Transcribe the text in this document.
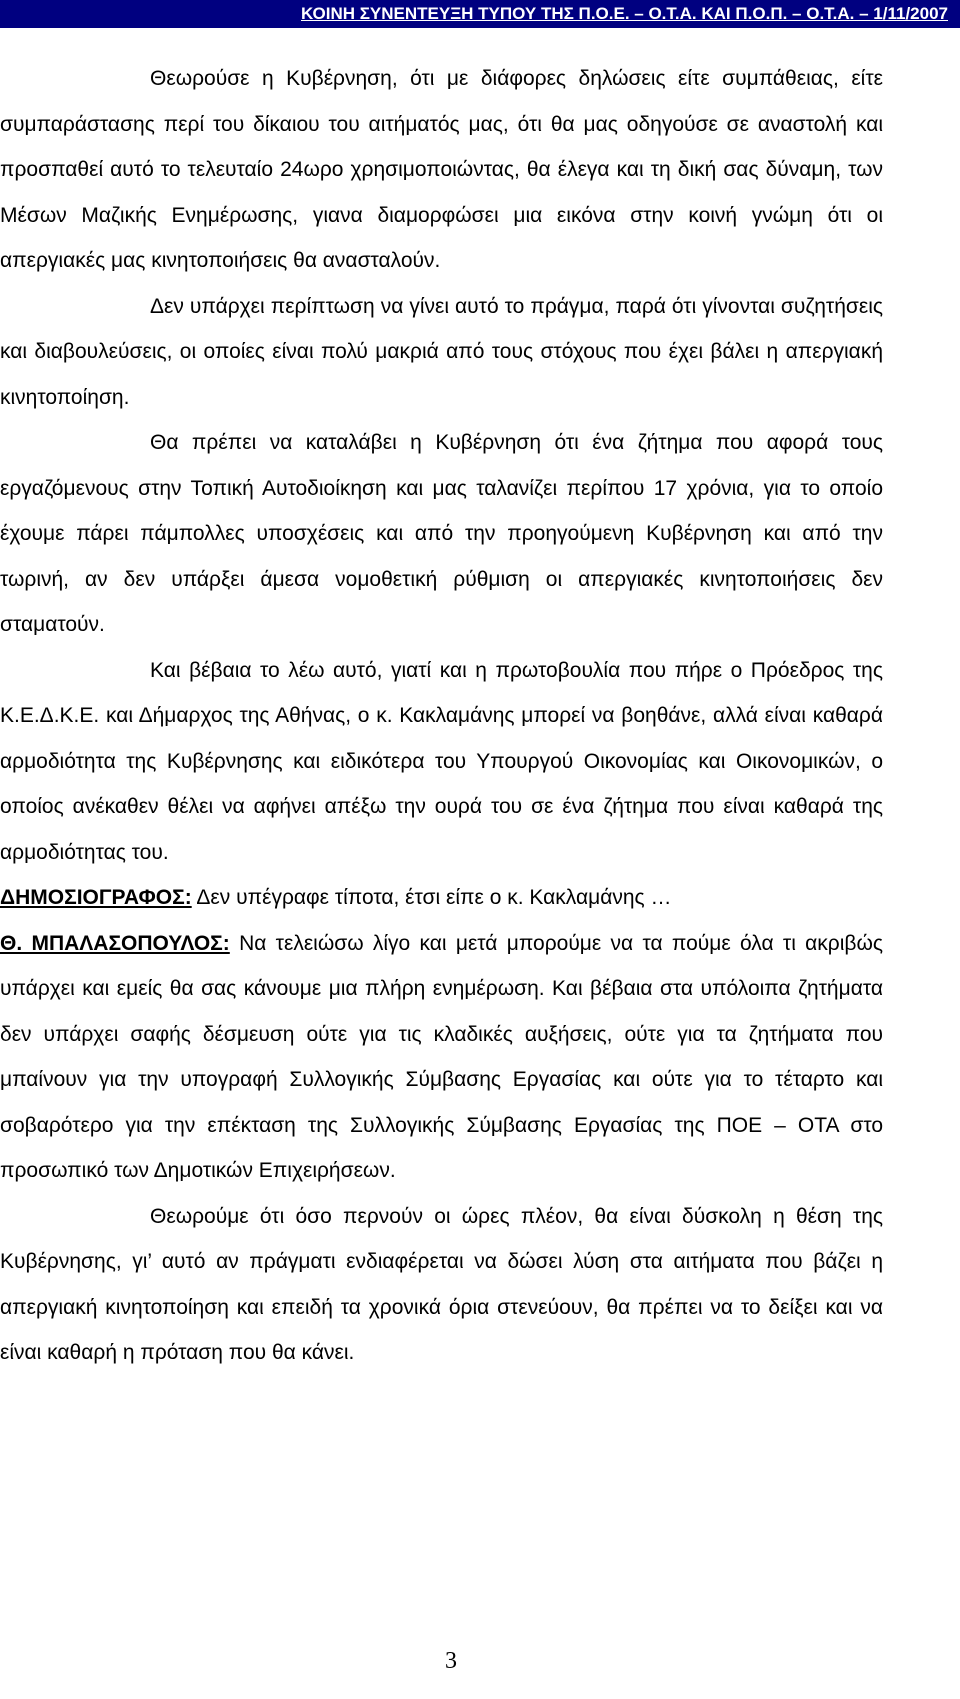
ΚΟΙΝΗ ΣΥΝΕΝΤΕΥΞΗ ΤΥΠΟΥ ΤΗΣ Π.Ο.Ε. – Ο.Τ.Α. ΚΑΙ Π.Ο.Π. – Ο.Τ.Α. – 1/11/2007

Θεωρούσε η Κυβέρνηση, ότι με διάφορες δηλώσεις είτε συμπάθειας, είτε συμπαράστασης περί του δίκαιου του αιτήματός μας, ότι θα μας οδηγούσε σε αναστολή και προσπαθεί αυτό το τελευταίο 24ωρο χρησιμοποιώντας, θα έλεγα και τη δική σας δύναμη, των Μέσων Μαζικής Ενημέρωσης, γιανα διαμορφώσει μια εικόνα στην κοινή γνώμη ότι οι απεργιακές μας κινητοποιήσεις θα ανασταλούν.

Δεν υπάρχει περίπτωση να γίνει αυτό το πράγμα, παρά ότι γίνονται συζητήσεις και διαβουλεύσεις, οι οποίες είναι πολύ μακριά από τους στόχους που έχει βάλει η απεργιακή κινητοποίηση.

Θα πρέπει να καταλάβει η Κυβέρνηση ότι ένα ζήτημα που αφορά τους εργαζόμενους στην Τοπική Αυτοδιοίκηση και μας ταλανίζει περίπου 17 χρόνια, για το οποίο έχουμε πάρει πάμπολλες υποσχέσεις και από την προηγούμενη Κυβέρνηση και από την τωρινή, αν δεν υπάρξει άμεσα νομοθετική ρύθμιση οι απεργιακές κινητοποιήσεις δεν σταματούν.

Και βέβαια το λέω αυτό, γιατί και η πρωτοβουλία που πήρε ο Πρόεδρος της Κ.Ε.Δ.Κ.Ε. και Δήμαρχος της Αθήνας, ο κ. Κακλαμάνης μπορεί να βοηθάνε, αλλά είναι καθαρά αρμοδιότητα της Κυβέρνησης και ειδικότερα του Υπουργού Οικονομίας και Οικονομικών, ο οποίος ανέκαθεν θέλει να αφήνει απέξω την ουρά του σε ένα ζήτημα που είναι καθαρά της αρμοδιότητας του.

ΔΗΜΟΣΙΟΓΡΑΦΟΣ: Δεν υπέγραφε τίποτα, έτσι είπε ο κ. Κακλαμάνης …

Θ. ΜΠΑΛΑΣΟΠΟΥΛΟΣ: Να τελειώσω λίγο και μετά μπορούμε να τα πούμε όλα τι ακριβώς υπάρχει και εμείς θα σας κάνουμε μια πλήρη ενημέρωση. Και βέβαια στα υπόλοιπα ζητήματα δεν υπάρχει σαφής δέσμευση ούτε για τις κλαδικές αυξήσεις, ούτε για τα ζητήματα που μπαίνουν για την υπογραφή Συλλογικής Σύμβασης Εργασίας και ούτε για το τέταρτο και σοβαρότερο για την επέκταση της Συλλογικής Σύμβασης Εργασίας της ΠΟΕ – ΟΤΑ στο προσωπικό των Δημοτικών Επιχειρήσεων.

Θεωρούμε ότι όσο περνούν οι ώρες πλέον, θα είναι δύσκολη η θέση της Κυβέρνησης, γι’ αυτό αν πράγματι ενδιαφέρεται να δώσει λύση στα αιτήματα που βάζει η απεργιακή κινητοποίηση και επειδή τα χρονικά όρια στενεύουν, θα πρέπει να το δείξει και να είναι καθαρή η πρόταση που θα κάνει.

3
